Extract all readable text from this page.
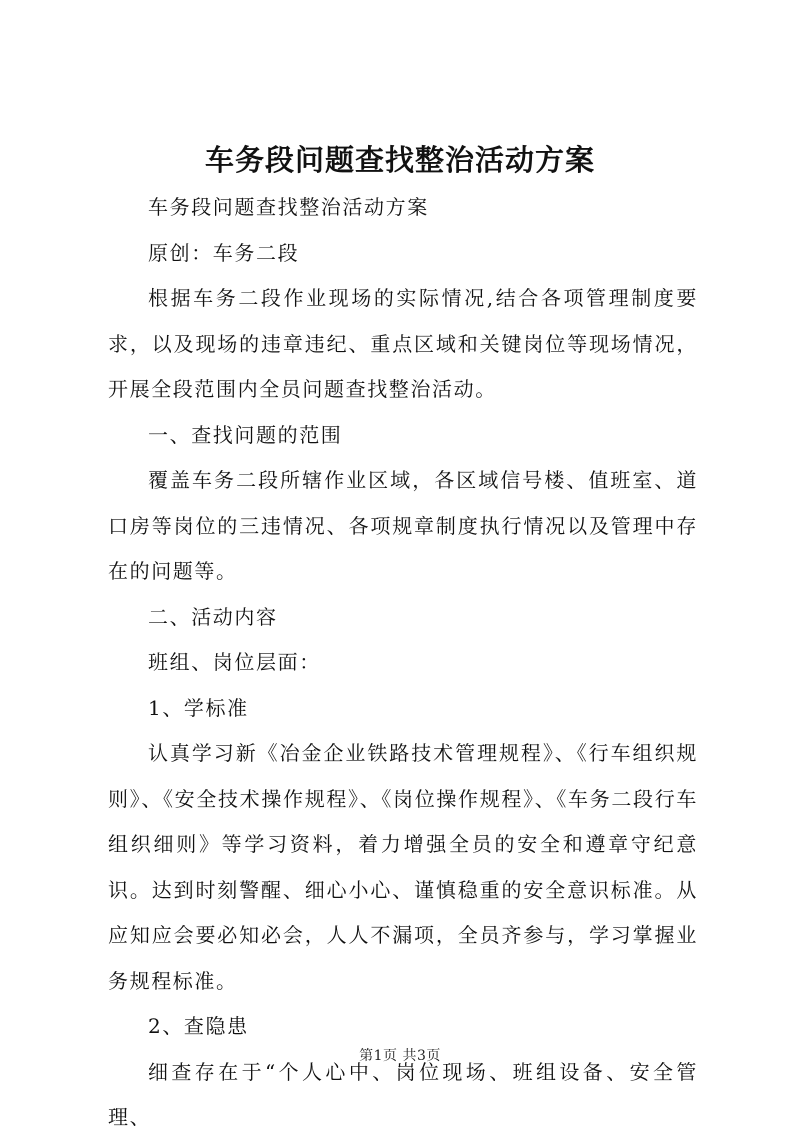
车务段问题查找整治活动方案

车务段问题查找整治活动方案

原创：车务二段

根据车务二段作业现场的实际情况,结合各项管理制度要求，以及现场的违章违纪、重点区域和关键岗位等现场情况，开展全段范围内全员问题查找整治活动。

一、查找问题的范围

覆盖车务二段所辖作业区域，各区域信号楼、值班室、道口房等岗位的三违情况、各项规章制度执行情况以及管理中存在的问题等。

二、活动内容

班组、岗位层面：

1、学标准

认真学习新《冶金企业铁路技术管理规程》、《行车组织规则》、《安全技术操作规程》、《岗位操作规程》、《车务二段行车组织细则》等学习资料，着力增强全员的安全和遵章守纪意识。达到时刻警醒、细心小心、谨慎稳重的安全意识标准。从应知应会要必知必会，人人不漏项，全员齐参与，学习掌握业务规程标准。

2、查隐患

细查存在于“个人心中、岗位现场、班组设备、安全管理、

第1页 共3页
